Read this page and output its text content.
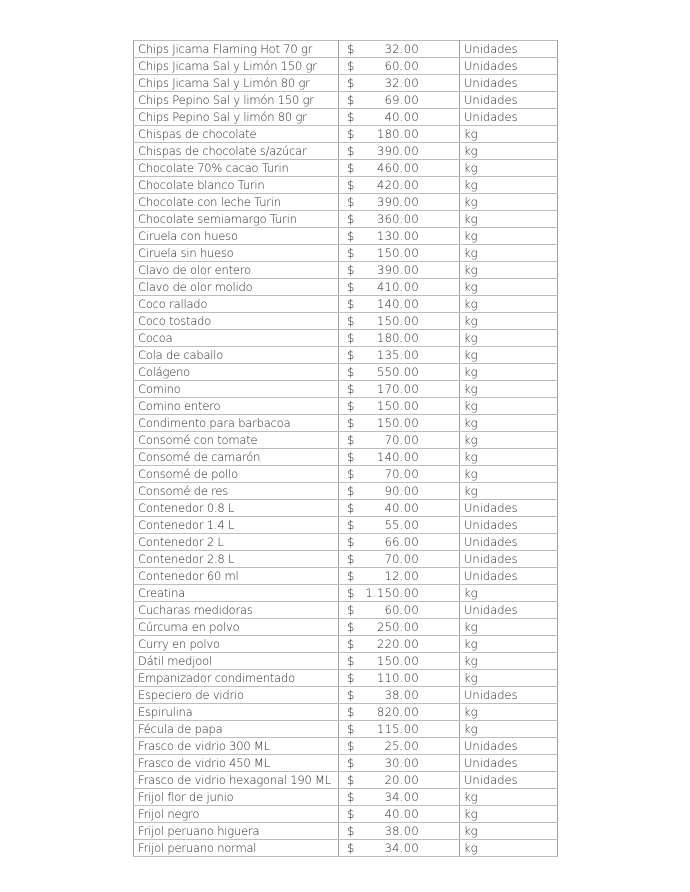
Chips Jicama Flaming Hot 70 gr	$ 32.00	Unidades
Chips Jicama Sal y Limón 150 gr	$ 60.00	Unidades
Chips Jicama Sal y Limón 80 gr	$ 32.00	Unidades
Chips Pepino Sal y limón 150 gr	$ 69.00	Unidades
Chips Pepino Sal y limón 80 gr	$ 40.00	Unidades
Chispas de chocolate	$ 180.00	kg
Chispas de chocolate s/azúcar	$ 390.00	kg
Chocolate 70% cacao Turin	$ 460.00	kg
Chocolate blanco Turin	$ 420.00	kg
Chocolate con leche Turin	$ 390.00	kg
Chocolate semiamargo Turin	$ 360.00	kg
Ciruela con hueso	$ 130.00	kg
Ciruela sin hueso	$ 150.00	kg
Clavo de olor entero	$ 390.00	kg
Clavo de olor molido	$ 410.00	kg
Coco rallado	$ 140.00	kg
Coco tostado	$ 150.00	kg
Cocoa	$ 180.00	kg
Cola de caballo	$ 135.00	kg
Colágeno	$ 550.00	kg
Comino	$ 170.00	kg
Comino entero	$ 150.00	kg
Condimento para barbacoa	$ 150.00	kg
Consomé con tomate	$ 70.00	kg
Consomé de camarón	$ 140.00	kg
Consomé de pollo	$ 70.00	kg
Consomé de res	$ 90.00	kg
Contenedor 0.8 L	$ 40.00	Unidades
Contenedor 1.4 L	$ 55.00	Unidades
Contenedor 2 L	$ 66.00	Unidades
Contenedor 2.8 L	$ 70.00	Unidades
Contenedor 60 ml	$ 12.00	Unidades
Creatina	$ 1.150.00	kg
Cucharas medidoras	$ 60.00	Unidades
Cúrcuma en polvo	$ 250.00	kg
Curry en polvo	$ 220.00	kg
Dátil medjool	$ 150.00	kg
Empanizador condimentado	$ 110.00	kg
Especiero de vidrio	$ 38.00	Unidades
Espirulina	$ 820.00	kg
Fécula de papa	$ 115.00	kg
Frasco de vidrio 300 ML	$ 25.00	Unidades
Frasco de vidrio 450 ML	$ 30.00	Unidades
Frasco de vidrio hexagonal 190 ML	$ 20.00	Unidades
Frijol flor de junio	$ 34.00	kg
Frijol negro	$ 40.00	kg
Frijol peruano higuera	$ 38.00	kg
Frijol peruano normal	$ 34.00	kg
